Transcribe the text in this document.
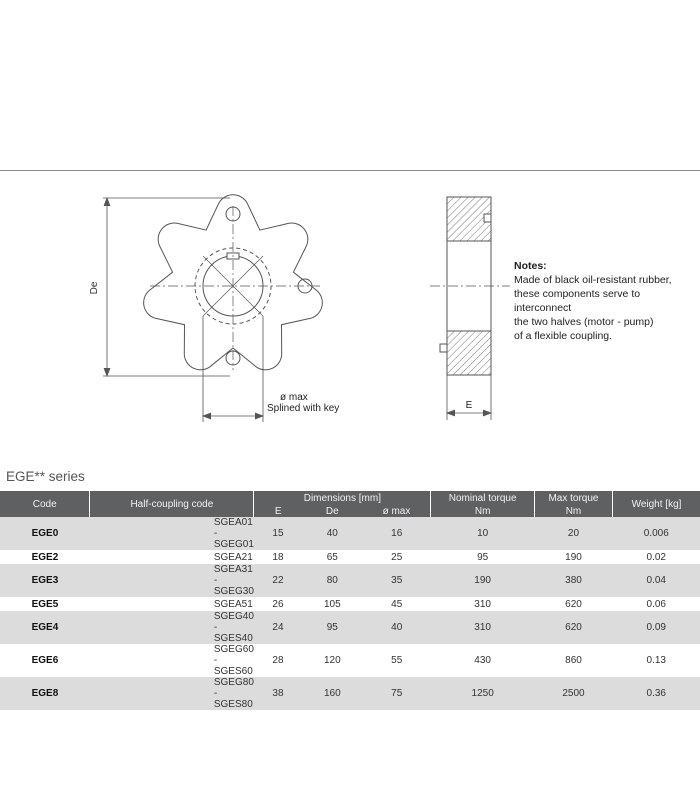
De
ø max
Splined with key	E
Notes:
Made of black oil-resistant rubber,
these components serve to interconnect
the two halves (motor - pump)
of a flexible coupling.
EGE** series
Code	Half-coupling code	Dimensions [mm]			Nominal torque	Max torque	Weight [kg]
		E	De	ø max	Nm	Nm	
EGE0	SGEA01 - SGEG01	15	40	16	10	20	0.006
EGE2	SGEA21	18	65	25	95	190	0.02
EGE3	SGEA31 - SGEG30	22	80	35	190	380	0.04
EGE5	SGEA51	26	105	45	310	620	0.06
EGE4	SGEG40 - SGES40	24	95	40	310	620	0.09
EGE6	SGEG60 - SGES60	28	120	55	430	860	0.13
EGE8	SGEG80 - SGES80	38	160	75	1250	2500	0.36
